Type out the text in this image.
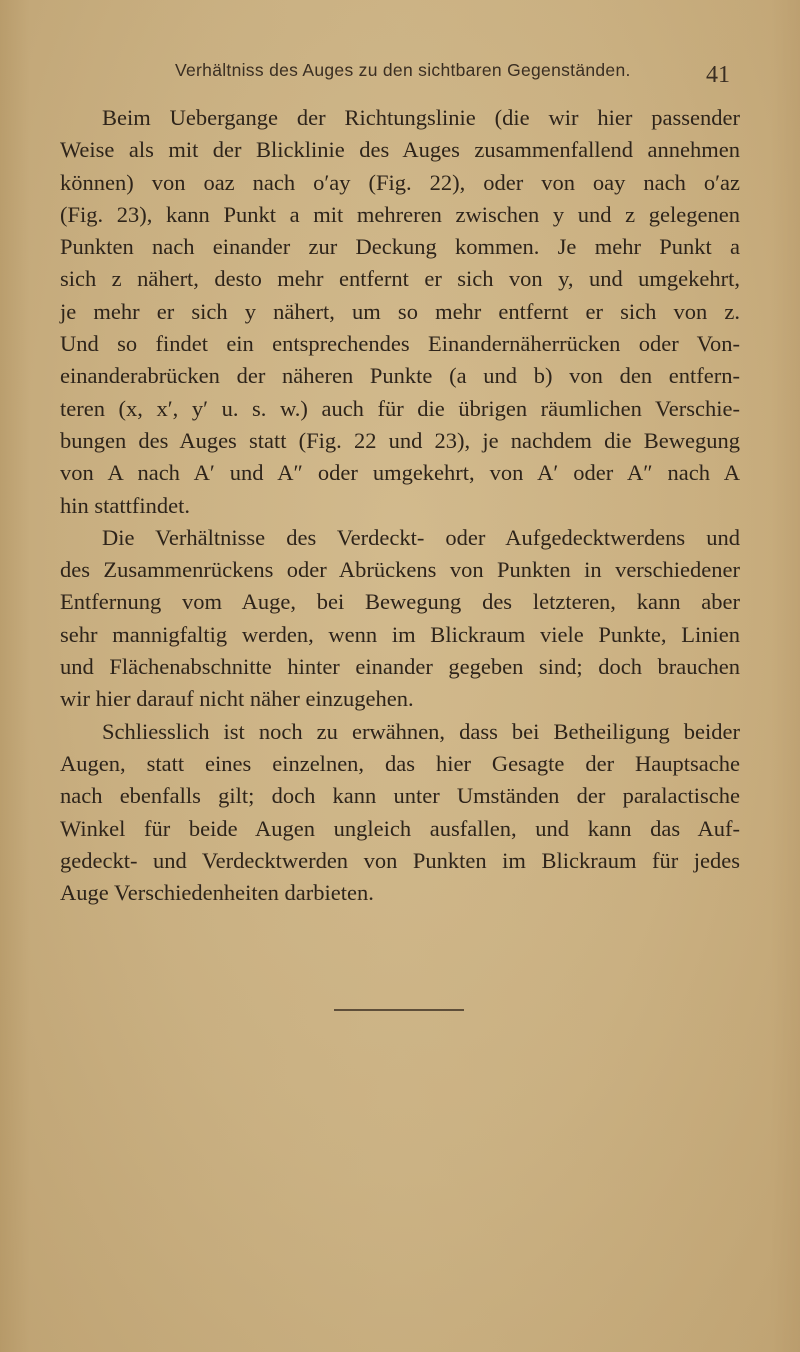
Verhältniss des Auges zu den sichtbaren Gegenständen.	41
Beim Uebergange der Richtungslinie (die wir hier passender
Weise als mit der Blicklinie des Auges zusammenfallend annehmen
können) von oaz nach o′ay (Fig. 22), oder von oay nach o′az
(Fig. 23), kann Punkt a mit mehreren zwischen y und z gelegenen
Punkten nach einander zur Deckung kommen. Je mehr Punkt a
sich z nähert, desto mehr entfernt er sich von y, und umgekehrt,
je mehr er sich y nähert, um so mehr entfernt er sich von z.
Und so findet ein entsprechendes Einandernäherrücken oder Von-
einanderabrücken der näheren Punkte (a und b) von den entfern-
teren (x, x′, y′ u. s. w.) auch für die übrigen räumlichen Verschie-
bungen des Auges statt (Fig. 22 und 23), je nachdem die Bewegung
von A nach A′ und A″ oder umgekehrt, von A′ oder A″ nach A
hin stattfindet.
Die Verhältnisse des Verdeckt- oder Aufgedecktwerdens und
des Zusammenrückens oder Abrückens von Punkten in verschiedener
Entfernung vom Auge, bei Bewegung des letzteren, kann aber
sehr mannigfaltig werden, wenn im Blickraum viele Punkte, Linien
und Flächenabschnitte hinter einander gegeben sind; doch brauchen
wir hier darauf nicht näher einzugehen.
Schliesslich ist noch zu erwähnen, dass bei Betheiligung beider
Augen, statt eines einzelnen, das hier Gesagte der Hauptsache
nach ebenfalls gilt; doch kann unter Umständen der paralactische
Winkel für beide Augen ungleich ausfallen, und kann das Auf-
gedeckt- und Verdecktwerden von Punkten im Blickraum für jedes
Auge Verschiedenheiten darbieten.
